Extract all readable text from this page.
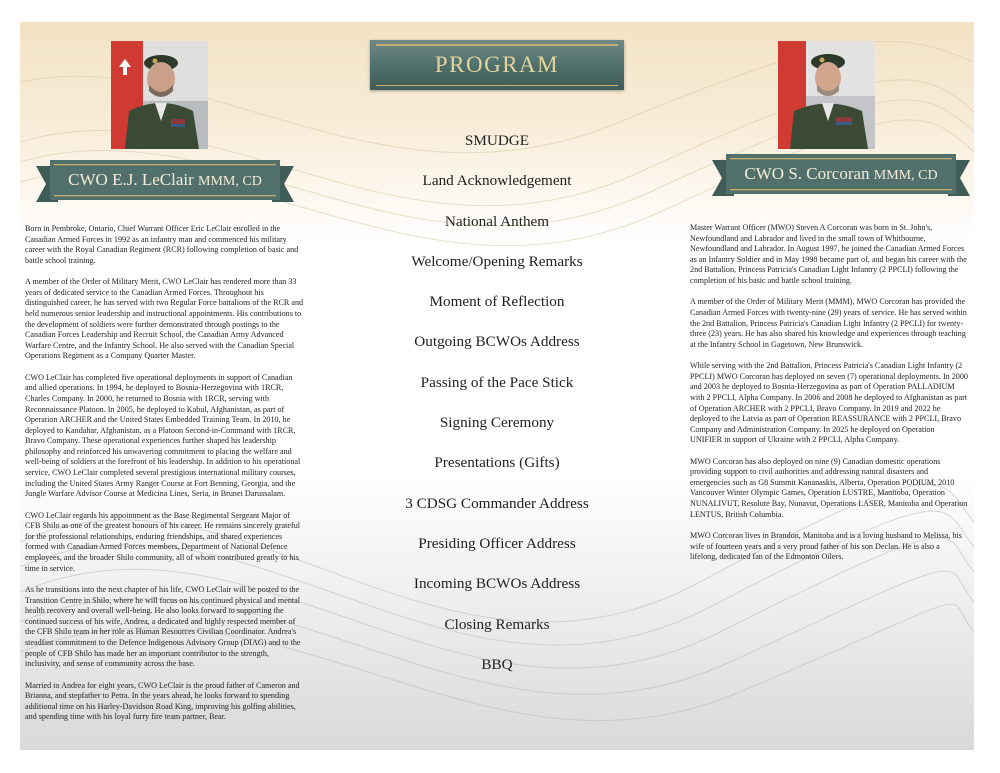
CWO E.J. LeClair MMM, CD

Born in Pembroke, Ontario, Chief Warrant Officer Eric LeClair enrolled in the Canadian Armed Forces in 1992 as an infantry man and commenced his military career with the Royal Canadian Regiment (RCR) following completion of basic and battle school training.

A member of the Order of Military Merit, CWO LeClair has rendered more than 33 years of dedicated service to the Canadian Armed Forces. Throughout his distinguished career, he has served with two Regular Force battalions of the RCR and held numerous senior leadership and instructional appointments. His contributions to the development of soldiers were further demonstrated through postings to the Canadian Forces Leadership and Recruit School, the Canadian Army Advanced Warfare Centre, and the Infantry School. He also served with the Canadian Special Operations Regiment as a Company Quarter Master.

CWO LeClair has completed five operational deployments in support of Canadian and allied operations. In 1994, he deployed to Bosnia-Herzegovina with 1RCR, Charles Company. In 2000, he returned to Bosnia with 1RCR, serving with Reconnaissance Platoon. In 2005, he deployed to Kabul, Afghanistan, as part of Operation ARCHER and the United States Embedded Training Team. In 2010, he deployed to Kandahar, Afghanistan, as a Platoon Second-in-Command with 1RCR, Bravo Company. These operational experiences further shaped his leadership philosophy and reinforced his unwavering commitment to placing the welfare and well-being of soldiers at the forefront of his leadership. In addition to his operational service, CWO LeClair completed several prestigious international military courses, including the United States Army Ranger Course at Fort Benning, Georgia, and the Jungle Warfare Advisor Course at Medicina Lines, Seria, in Brunei Darussalam.

CWO LeClair regards his appointment as the Base Regimental Sergeant Major of CFB Shilo as one of the greatest honours of his career. He remains sincerely grateful for the professional relationships, enduring friendships, and shared experiences formed with Canadian Armed Forces members, Department of National Defence employees, and the broader Shilo community, all of whom contributed greatly to his time in service.

As he transitions into the next chapter of his life, CWO LeClair will be posted to the Transition Centre in Shilo, where he will focus on his continued physical and mental health recovery and overall well-being. He also looks forward to supporting the continued success of his wife, Andrea, a dedicated and highly respected member of the CFB Shilo team in her role as Human Resources Civilian Coordinator. Andrea's steadfast commitment to the Defence Indigenous Advisory Group (DIAG) and to the people of CFB Shilo has made her an important contributor to the strength, inclusivity, and sense of community across the base.

Married to Andrea for eight years, CWO LeClair is the proud father of Cameron and Brianna, and stepfather to Petra. In the years ahead, he looks forward to spending additional time on his Harley-Davidson Road King, improving his golfing abilities, and spending time with his loyal furry fire team partner, Bear.

PROGRAM
SMUDGE
Land Acknowledgement
National Anthem
Welcome/Opening Remarks
Moment of Reflection
Outgoing BCWOs Address
Passing of the Pace Stick
Signing Ceremony
Presentations (Gifts)
3 CDSG Commander Address
Presiding Officer Address
Incoming BCWOs Address
Closing Remarks
BBQ
CWO S. Corcoran MMM, CD

Master Warrant Officer (MWO) Steven A Corcoran was born in St. John's, Newfoundland and Labrador and lived in the small town of Whitbourne, Newfoundland and Labrador. In August 1997, he joined the Canadian Armed Forces as an Infantry Soldier and in May 1998 became part of, and began his career with the 2nd Battalion, Princess Patricia's Canadian Light Infantry (2 PPCLI) following the completion of his basic and battle school training.

A member of the Order of Military Merit (MMM), MWO Corcoran has provided the Canadian Armed Forces with twenty-nine (29) years of service. He has served within the 2nd Battalion, Princess Patricia's Canadian Light Infantry (2 PPCLI) for twenty-three (23) years. He has also shared his knowledge and experiences through teaching at the Infantry School in Gagetown, New Brunswick.

While serving with the 2nd Battalion, Princess Patricia's Canadian Light Infantry (2 PPCLI) MWO Corcoran has deployed on seven (7) operational deployments. In 2000 and 2003 he deployed to Bosnia-Herzegovina as part of Operation PALLADIUM with 2 PPCLI, Alpha Company. In 2006 and 2008 he deployed to Afghanistan as part of Operation ARCHER with 2 PPCLI, Bravo Company. In 2019 and 2022 he deployed to the Latvia as part of Operation REASSURANCE with 2 PPCLI, Bravo Company and Administration Company. In 2025 he deployed on Operation UNIFIER in support of Ukraine with 2 PPCLI, Alpha Company.

MWO Corcoran has also deployed on nine (9) Canadian domestic operations providing support to civil authorities and addressing natural disasters and emergencies such as G8 Summit Kananaskis, Alberta, Operation PODIUM, 2010 Vancouver Winter Olympic Games, Operation LUSTRE, Manitoba, Operation NUNALIVUT, Resolute Bay, Nunavut, Operations LASER, Manitoba and Operation LENTUS, British Columbia.

MWO Corcoran lives in Brandon, Manitoba and is a loving husband to Melissa, his wife of fourteen years and a very proud father of his son Declan. He is also a lifelong, dedicated fan of the Edmonton Oilers.
